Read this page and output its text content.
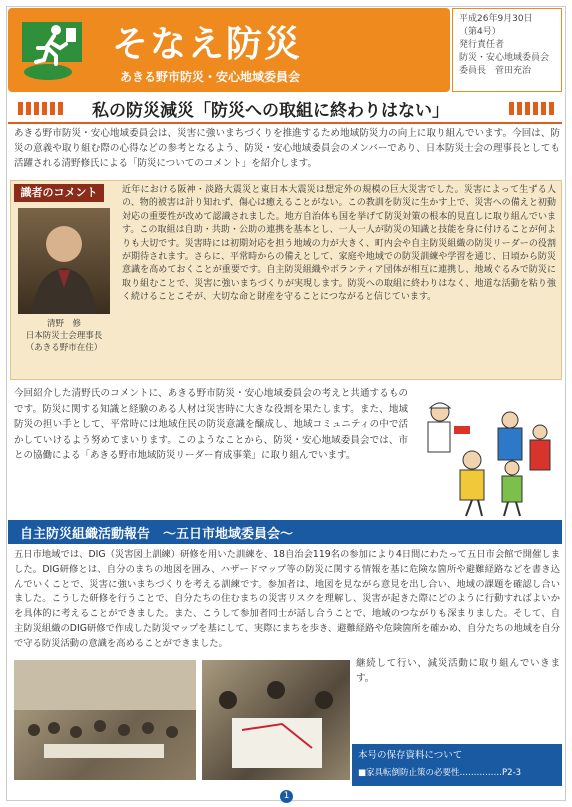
そなえ防災
あきる野市防災・安心地域委員会
平成26年9月30日
（第4号）
発行責任者
防災・安心地域委員会
委員長　菅田充治
私の防災減災「防災への取組に終わりはない」
あきる野市防災・安心地域委員会は、災害に強いまちづくりを推進するため地域防災力の向上に取り組んでいます。今回は、防災の意義や取り組む際の心得などの参考となるよう、防災・安心地域委員会のメンバーであり、日本防災士会の理事長としても活躍される清野修氏による「防災についてのコメント」を紹介します。
識者のコメント
清野　修
日本防災士会理事長
（あきる野市在住）
近年における阪神・淡路大震災と東日本大震災は想定外の規模の巨大災害でした。災害によって生ずる人の、物的被害は計り知れず、傷心は癒えることがない。この教訓を防災に生かす上で、災害への備えと初動対応の重要性が改めて認識されました。地方自治体も国を挙げて防災対策の根本的見直しに取り組んでいます。この取組は自助・共助・公助の連携を基本とし、一人一人が防災の知識と技能を身に付けることが何よりも大切です。災害時には初期対応を担う地域の力が大きく、町内会や自主防災組織の防災リーダーの役割が期待されます。さらに、平常時からの備えとして、家庭や地域での防災訓練や学習を通じ、日頃から防災意識を高めておくことが重要です。自主防災組織やボランティア団体が相互に連携し、地域ぐるみで防災に取り組むことで、災害に強いまちづくりが実現します。防災への取組に終わりはなく、地道な活動を粘り強く続けることこそが、大切な命と財産を守ることにつながると信じています。
今回紹介した清野氏のコメントに、あきる野市防災・安心地域委員会の考えと共通するものです。防災に関する知識と経験のある人材は災害時に大きな役割を果たします。また、地域防災の担い手として、平常時には地域住民の防災意識を醸成し、地域コミュニティの中で活かしていけるよう努めてまいります。このようなことから、防災・安心地域委員会では、市との協働による「あきる野市地域防災リーダー育成事業」に取り組んでいます。
自主防災組織活動報告　～五日市地域委員会～
五日市地域では、DIG（災害図上訓練）研修を用いた訓練を、18自治会119名の参加により4日間にわたって五日市会館で開催しました。DIG研修とは、自分のまちの地図を囲み、ハザードマップ等の防災に関する情報を基に危険な箇所や避難経路などを書き込んでいくことで、災害に強いまちづくりを考える訓練です。参加者は、地図を見ながら意見を出し合い、地域の課題を確認し合いました。こうした研修を行うことで、自分たちの住むまちの災害リスクを理解し、災害が起きた際にどのように行動すればよいかを具体的に考えることができました。また、こうして参加者同士が話し合うことで、地域のつながりも深まりました。そして、自主防災組織のDIG研修で作成した防災マップを基にして、実際にまちを歩き、避難経路や危険箇所を確かめ、自分たちの地域を自分で守る防災活動の意識を高めることができました。
継続して行い、減災活動に取り組んでいきます。
本号の保存資料について
■家具転倒防止策の必要性……………P2-3
1
